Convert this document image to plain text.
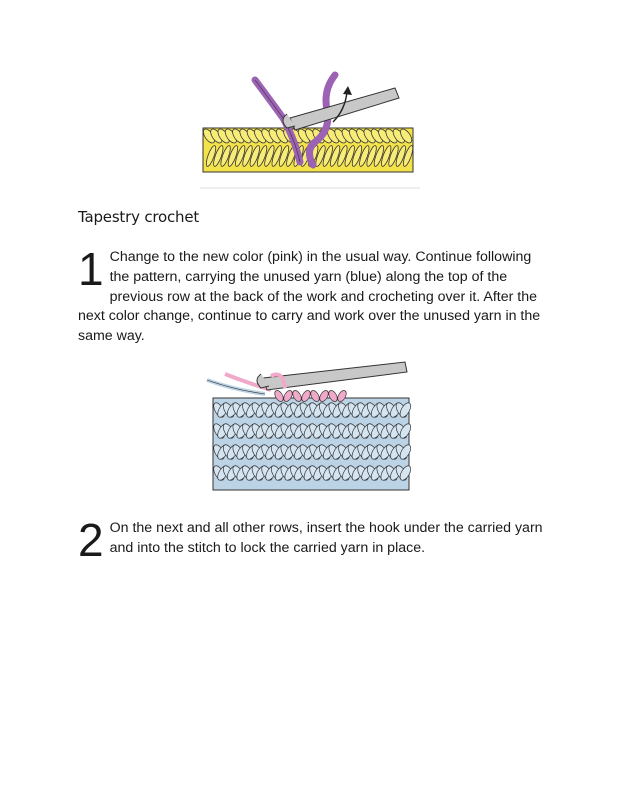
Tapestry crochet
1 Change to the new color (pink) in the usual way. Continue following the pattern, carrying the unused yarn (blue) along the top of the previous row at the back of the work and crocheting over it. After the next color change, continue to carry and work over the unused yarn in the same way.
2 On the next and all other rows, insert the hook under the carried yarn and into the stitch to lock the carried yarn in place.
